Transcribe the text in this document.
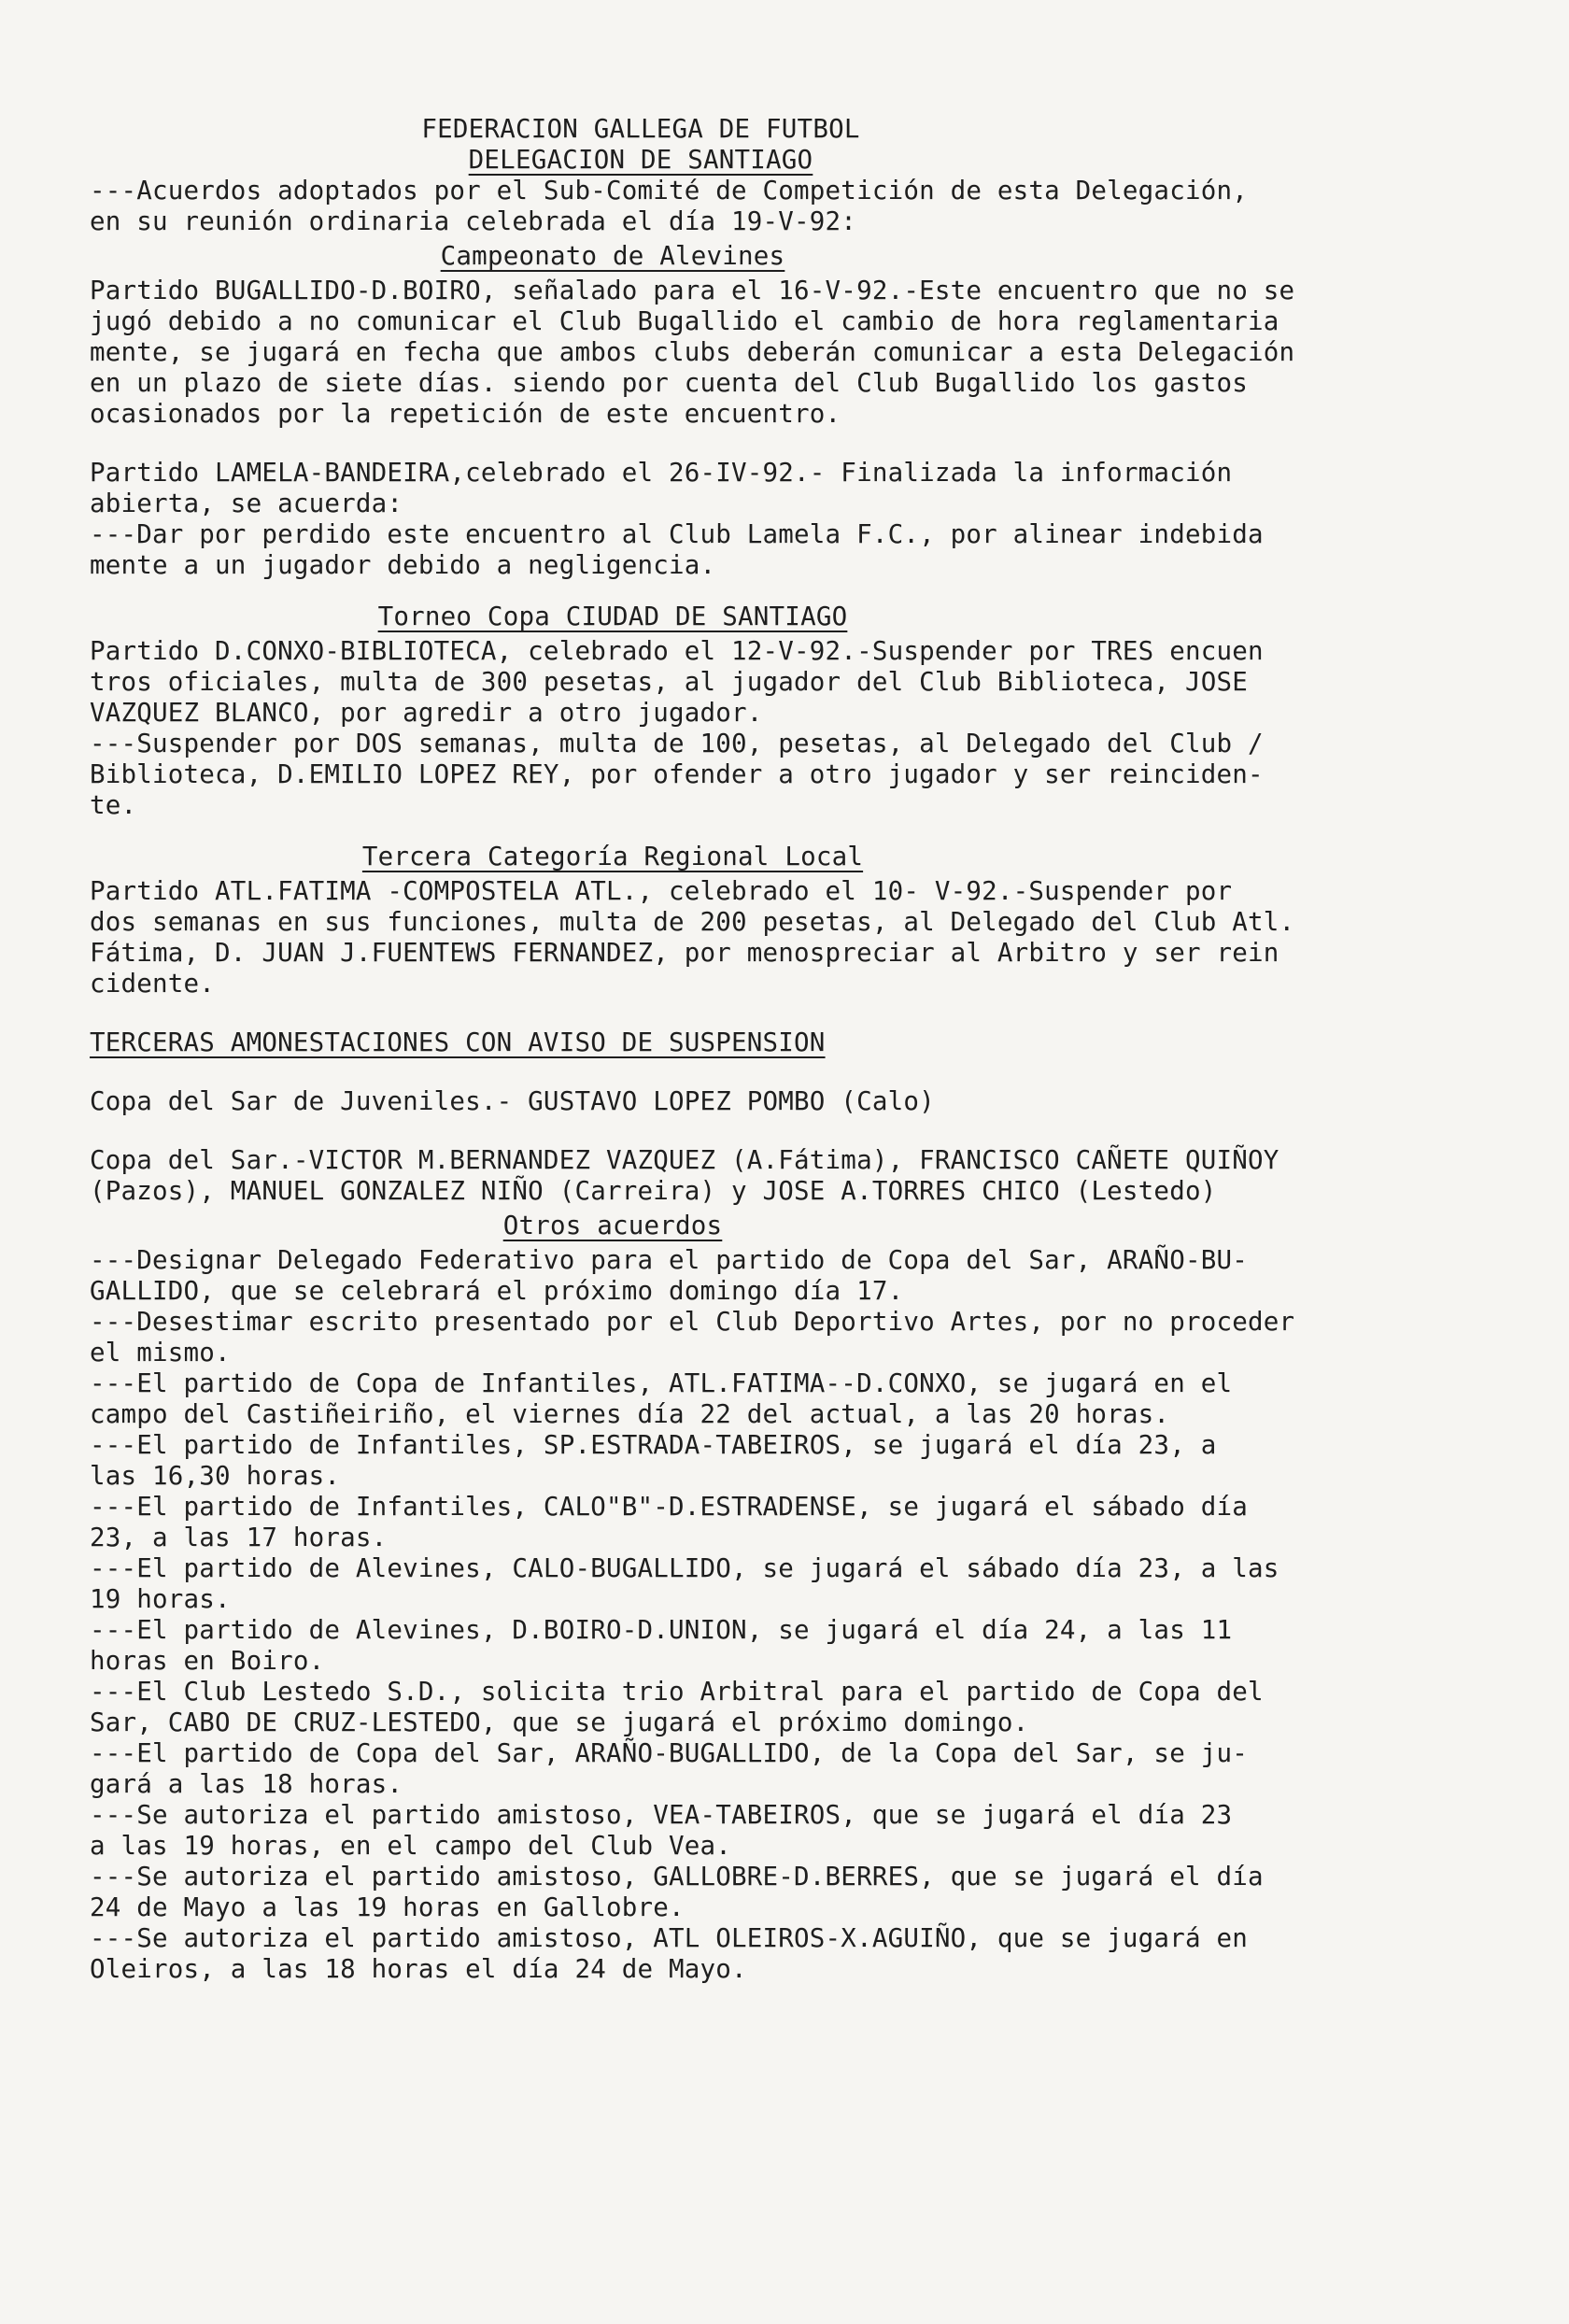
FEDERACION GALLEGA DE FUTBOL
DELEGACION DE SANTIAGO
---Acuerdos adoptados por el Sub-Comité de Competición de esta Delegación,
en su reunión ordinaria celebrada el día 19-V-92:
Campeonato de Alevines
Partido BUGALLIDO-D.BOIRO, señalado para el 16-V-92.-Este encuentro que no se
jugó debido a no comunicar el Club Bugallido el cambio de hora reglamentaria
mente, se jugará en fecha que ambos clubs deberán comunicar a esta Delegación
en un plazo de siete días. siendo por cuenta del Club Bugallido los gastos
ocasionados por la repetición de este encuentro.
Partido LAMELA-BANDEIRA,celebrado el 26-IV-92.- Finalizada la información
abierta, se acuerda:
---Dar por perdido este encuentro al Club Lamela F.C., por alinear indebida
mente a un jugador debido a negligencia.
Torneo Copa CIUDAD DE SANTIAGO
Partido D.CONXO-BIBLIOTECA, celebrado el 12-V-92.-Suspender por TRES encuen
tros oficiales, multa de 300 pesetas, al jugador del Club Biblioteca, JOSE
VAZQUEZ BLANCO, por agredir a otro jugador.
---Suspender por DOS semanas, multa de 100, pesetas, al Delegado del Club /
Biblioteca, D.EMILIO LOPEZ REY, por ofender a otro jugador y ser reinciden-
te.
Tercera Categoría Regional Local
Partido ATL.FATIMA -COMPOSTELA ATL., celebrado el 10- V-92.-Suspender por
dos semanas en sus funciones, multa de 200 pesetas, al Delegado del Club Atl.
Fátima, D. JUAN J.FUENTEWS FERNANDEZ, por menospreciar al Arbitro y ser rein
cidente.
TERCERAS AMONESTACIONES CON AVISO DE SUSPENSION
Copa del Sar de Juveniles.- GUSTAVO LOPEZ POMBO (Calo)
Copa del Sar.-VICTOR M.BERNANDEZ VAZQUEZ (A.Fátima), FRANCISCO CAÑETE QUIÑOY
(Pazos), MANUEL GONZALEZ NIÑO (Carreira) y JOSE A.TORRES CHICO (Lestedo)
Otros acuerdos
---Designar Delegado Federativo para el partido de Copa del Sar, ARAÑO-BU-
GALLIDO, que se celebrará el próximo domingo día 17.
---Desestimar escrito presentado por el Club Deportivo Artes, por no proceder
el mismo.
---El partido de Copa de Infantiles, ATL.FATIMA--D.CONXO, se jugará en el
campo del Castiñeiriño, el viernes día 22 del actual, a las 20 horas.
---El partido de Infantiles, SP.ESTRADA-TABEIROS, se jugará el día 23, a
las 16,30 horas.
---El partido de Infantiles, CALO"B"-D.ESTRADENSE, se jugará el sábado día
23, a las 17 horas.
---El partido de Alevines, CALO-BUGALLIDO, se jugará el sábado día 23, a las
19 horas.
---El partido de Alevines, D.BOIRO-D.UNION, se jugará el día 24, a las 11
horas en Boiro.
---El Club Lestedo S.D., solicita trio Arbitral para el partido de Copa del
Sar, CABO DE CRUZ-LESTEDO, que se jugará el próximo domingo.
---El partido de Copa del Sar, ARAÑO-BUGALLIDO, de la Copa del Sar, se ju-
gará a las 18 horas.
---Se autoriza el partido amistoso, VEA-TABEIROS, que se jugará el día 23
a las 19 horas, en el campo del Club Vea.
---Se autoriza el partido amistoso, GALLOBRE-D.BERRES, que se jugará el día
24 de Mayo a las 19 horas en Gallobre.
---Se autoriza el partido amistoso, ATL OLEIROS-X.AGUIÑO, que se jugará en
Oleiros, a las 18 horas el día 24 de Mayo.
